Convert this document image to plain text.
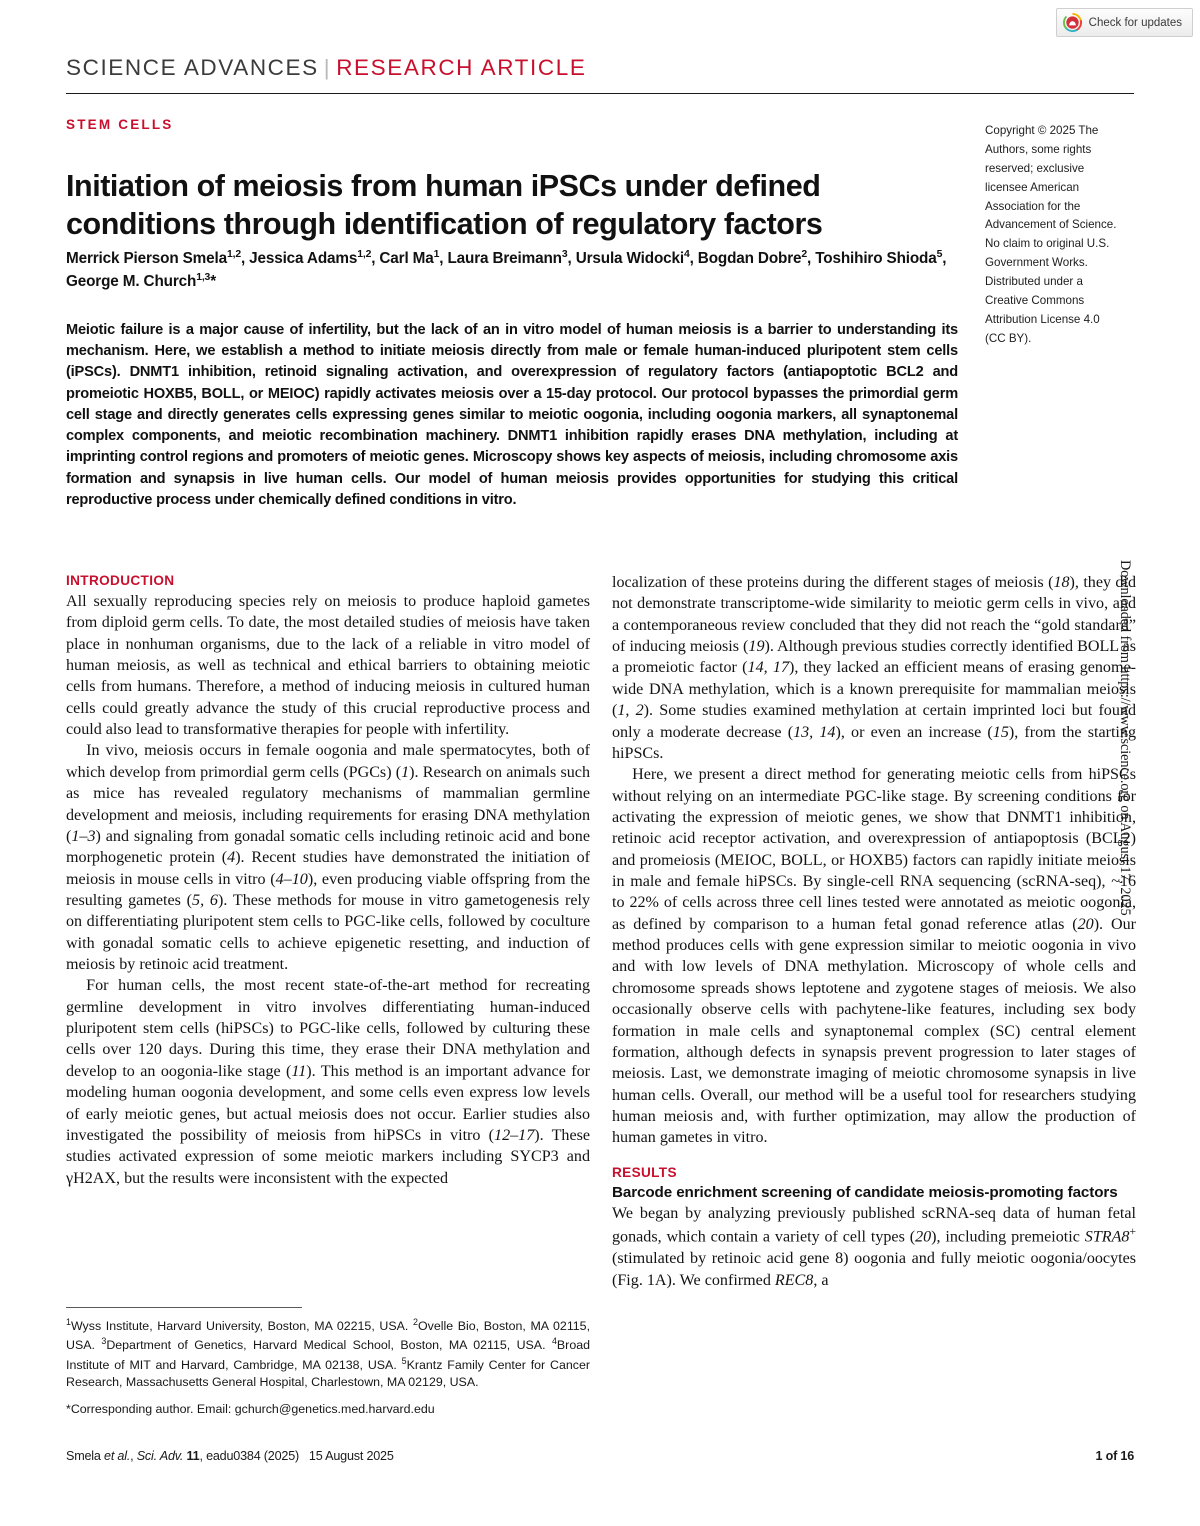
Check for updates
SCIENCE ADVANCES | RESEARCH ARTICLE
STEM CELLS
Initiation of meiosis from human iPSCs under defined conditions through identification of regulatory factors
Merrick Pierson Smela$^{1,2}$, Jessica Adams$^{1,2}$, Carl Ma$^1$, Laura Breimann$^3$, Ursula Widocki$^4$, Bogdan Dobre$^2$, Toshihiro Shioda$^5$, George M. Church$^{1,3}$*
Meiotic failure is a major cause of infertility, but the lack of an in vitro model of human meiosis is a barrier to understanding its mechanism. Here, we establish a method to initiate meiosis directly from male or female human-induced pluripotent stem cells (iPSCs). DNMT1 inhibition, retinoid signaling activation, and overexpression of regulatory factors (antiapoptotic BCL2 and promeiotic HOXB5, BOLL, or MEIOC) rapidly activates meiosis over a 15-day protocol. Our protocol bypasses the primordial germ cell stage and directly generates cells expressing genes similar to meiotic oogonia, including oogonia markers, all synaptonemal complex components, and meiotic recombination machinery. DNMT1 inhibition rapidly erases DNA methylation, including at imprinting control regions and promoters of meiotic genes. Microscopy shows key aspects of meiosis, including chromosome axis formation and synapsis in live human cells. Our model of human meiosis provides opportunities for studying this critical reproductive process under chemically defined conditions in vitro.
Copyright © 2025 The Authors, some rights reserved; exclusive licensee American Association for the Advancement of Science. No claim to original U.S. Government Works. Distributed under a Creative Commons Attribution License 4.0 (CC BY).
INTRODUCTION

All sexually reproducing species rely on meiosis to produce haploid gametes from diploid germ cells. To date, the most detailed studies of meiosis have taken place in nonhuman organisms, due to the lack of a reliable in vitro model of human meiosis, as well as technical and ethical barriers to obtaining meiotic cells from humans. Therefore, a method of inducing meiosis in cultured human cells could greatly advance the study of this crucial reproductive process and could also lead to transformative therapies for people with infertility.

In vivo, meiosis occurs in female oogonia and male spermatocytes, both of which develop from primordial germ cells (PGCs) (1). Research on animals such as mice has revealed regulatory mechanisms of mammalian germline development and meiosis, including requirements for erasing DNA methylation (1–3) and signaling from gonadal somatic cells including retinoic acid and bone morphogenetic protein (4). Recent studies have demonstrated the initiation of meiosis in mouse cells in vitro (4–10), even producing viable offspring from the resulting gametes (5, 6). These methods for mouse in vitro gametogenesis rely on differentiating pluripotent stem cells to PGC-like cells, followed by coculture with gonadal somatic cells to achieve epigenetic resetting, and induction of meiosis by retinoic acid treatment.

For human cells, the most recent state-of-the-art method for recreating germline development in vitro involves differentiating human-induced pluripotent stem cells (hiPSCs) to PGC-like cells, followed by culturing these cells over 120 days. During this time, they erase their DNA methylation and develop to an oogonia-like stage (11). This method is an important advance for modeling human oogonia development, and some cells even express low levels of early meiotic genes, but actual meiosis does not occur. Earlier studies also investigated the possibility of meiosis from hiPSCs in vitro (12–17). These studies activated expression of some meiotic markers including SYCP3 and γH2AX, but the results were inconsistent with the expected

localization of these proteins during the different stages of meiosis (18), they did not demonstrate transcriptome-wide similarity to meiotic germ cells in vivo, and a contemporaneous review concluded that they did not reach the “gold standard” of inducing meiosis (19). Although previous studies correctly identified BOLL as a promeiotic factor (14, 17), they lacked an efficient means of erasing genome-wide DNA methylation, which is a known prerequisite for mammalian meiosis (1, 2). Some studies examined methylation at certain imprinted loci but found only a moderate decrease (13, 14), or even an increase (15), from the starting hiPSCs.

Here, we present a direct method for generating meiotic cells from hiPSCs without relying on an intermediate PGC-like stage. By screening conditions for activating the expression of meiotic genes, we show that DNMT1 inhibition, retinoic acid receptor activation, and overexpression of antiapoptosis (BCL2) and promeiosis (MEIOC, BOLL, or HOXB5) factors can rapidly initiate meiosis in male and female hiPSCs. By single-cell RNA sequencing (scRNA-seq), ~16 to 22% of cells across three cell lines tested were annotated as meiotic oogonia, as defined by comparison to a human fetal gonad reference atlas (20). Our method produces cells with gene expression similar to meiotic oogonia in vivo and with low levels of DNA methylation. Microscopy of whole cells and chromosome spreads shows leptotene and zygotene stages of meiosis. We also occasionally observe cells with pachytene-like features, including sex body formation in male cells and synaptonemal complex (SC) central element formation, although defects in synapsis prevent progression to later stages of meiosis. Last, we demonstrate imaging of meiotic chromosome synapsis in live human cells. Overall, our method will be a useful tool for researchers studying human meiosis and, with further optimization, may allow the production of human gametes in vitro.

RESULTS
Barcode enrichment screening of candidate meiosis-promoting factors

We began by analyzing previously published scRNA-seq data of human fetal gonads, which contain a variety of cell types (20), including premeiotic STRA8+ (stimulated by retinoic acid gene 8) oogonia and fully meiotic oogonia/oocytes (Fig. 1A). We confirmed REC8, a

$^1$Wyss Institute, Harvard University, Boston, MA 02215, USA. $^2$Ovelle Bio, Boston, MA 02115, USA. $^3$Department of Genetics, Harvard Medical School, Boston, MA 02115, USA. $^4$Broad Institute of MIT and Harvard, Cambridge, MA 02138, USA. $^5$Krantz Family Center for Cancer Research, Massachusetts General Hospital, Charlestown, MA 02129, USA.
*Corresponding author. Email: gchurch@genetics.med.harvard.edu
Smela et al., Sci. Adv. 11, eadu0384 (2025) 15 August 2025	1 of 16
Downloaded from https://www.science.org on August 17, 2025
